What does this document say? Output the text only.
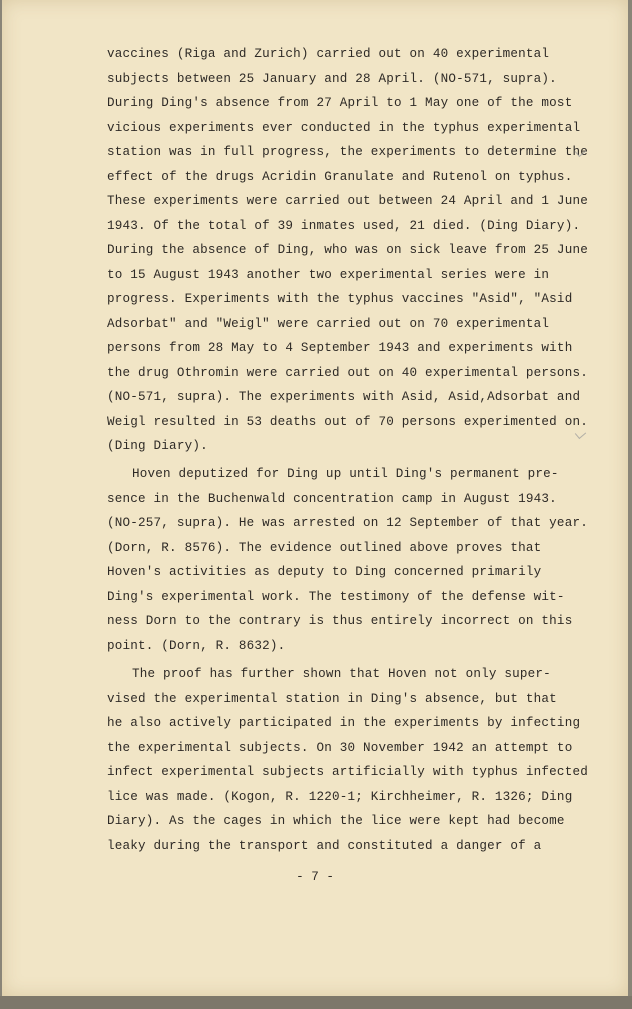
vaccines (Riga and Zurich) carried out on 40 experimental
subjects between 25 January and 28 April. (NO-571, supra).
During Ding's absence from 27 April to 1 May one of the most
vicious experiments ever conducted in the typhus experimental
station was in full progress, the experiments to determine the
effect of the drugs Acridin Granulate and Rutenol on typhus.
These experiments were carried out between 24 April and 1 June
1943. Of the total of 39 inmates used, 21 died. (Ding Diary).
During the absence of Ding, who was on sick leave from 25 June
to 15 August 1943 another two experimental series were in
progress. Experiments with the typhus vaccines "Asid", "Asid
Adsorbat" and "Weigl" were carried out on 70 experimental
persons from 28 May to 4 September 1943 and experiments with
the drug Othromin were carried out on 40 experimental persons.
(NO-571, supra). The experiments with Asid, Asid,Adsorbat and
Weigl resulted in 53 deaths out of 70 persons experimented on.
(Ding Diary).
Hoven deputized for Ding up until Ding's permanent pre-
sence in the Buchenwald concentration camp in August 1943.
(NO-257, supra). He was arrested on 12 September of that year.
(Dorn, R. 8576). The evidence outlined above proves that
Hoven's activities as deputy to Ding concerned primarily
Ding's experimental work. The testimony of the defense wit-
ness Dorn to the contrary is thus entirely incorrect on this
point. (Dorn, R. 8632).
The proof has further shown that Hoven not only super-
vised the experimental station in Ding's absence, but that
he also actively participated in the experiments by infecting
the experimental subjects. On 30 November 1942 an attempt to
infect experimental subjects artificially with typhus infected
lice was made. (Kogon, R. 1220-1; Kirchheimer, R. 1326; Ding
Diary). As the cages in which the lice were kept had become
leaky during the transport and constituted a danger of a
- 7 -
